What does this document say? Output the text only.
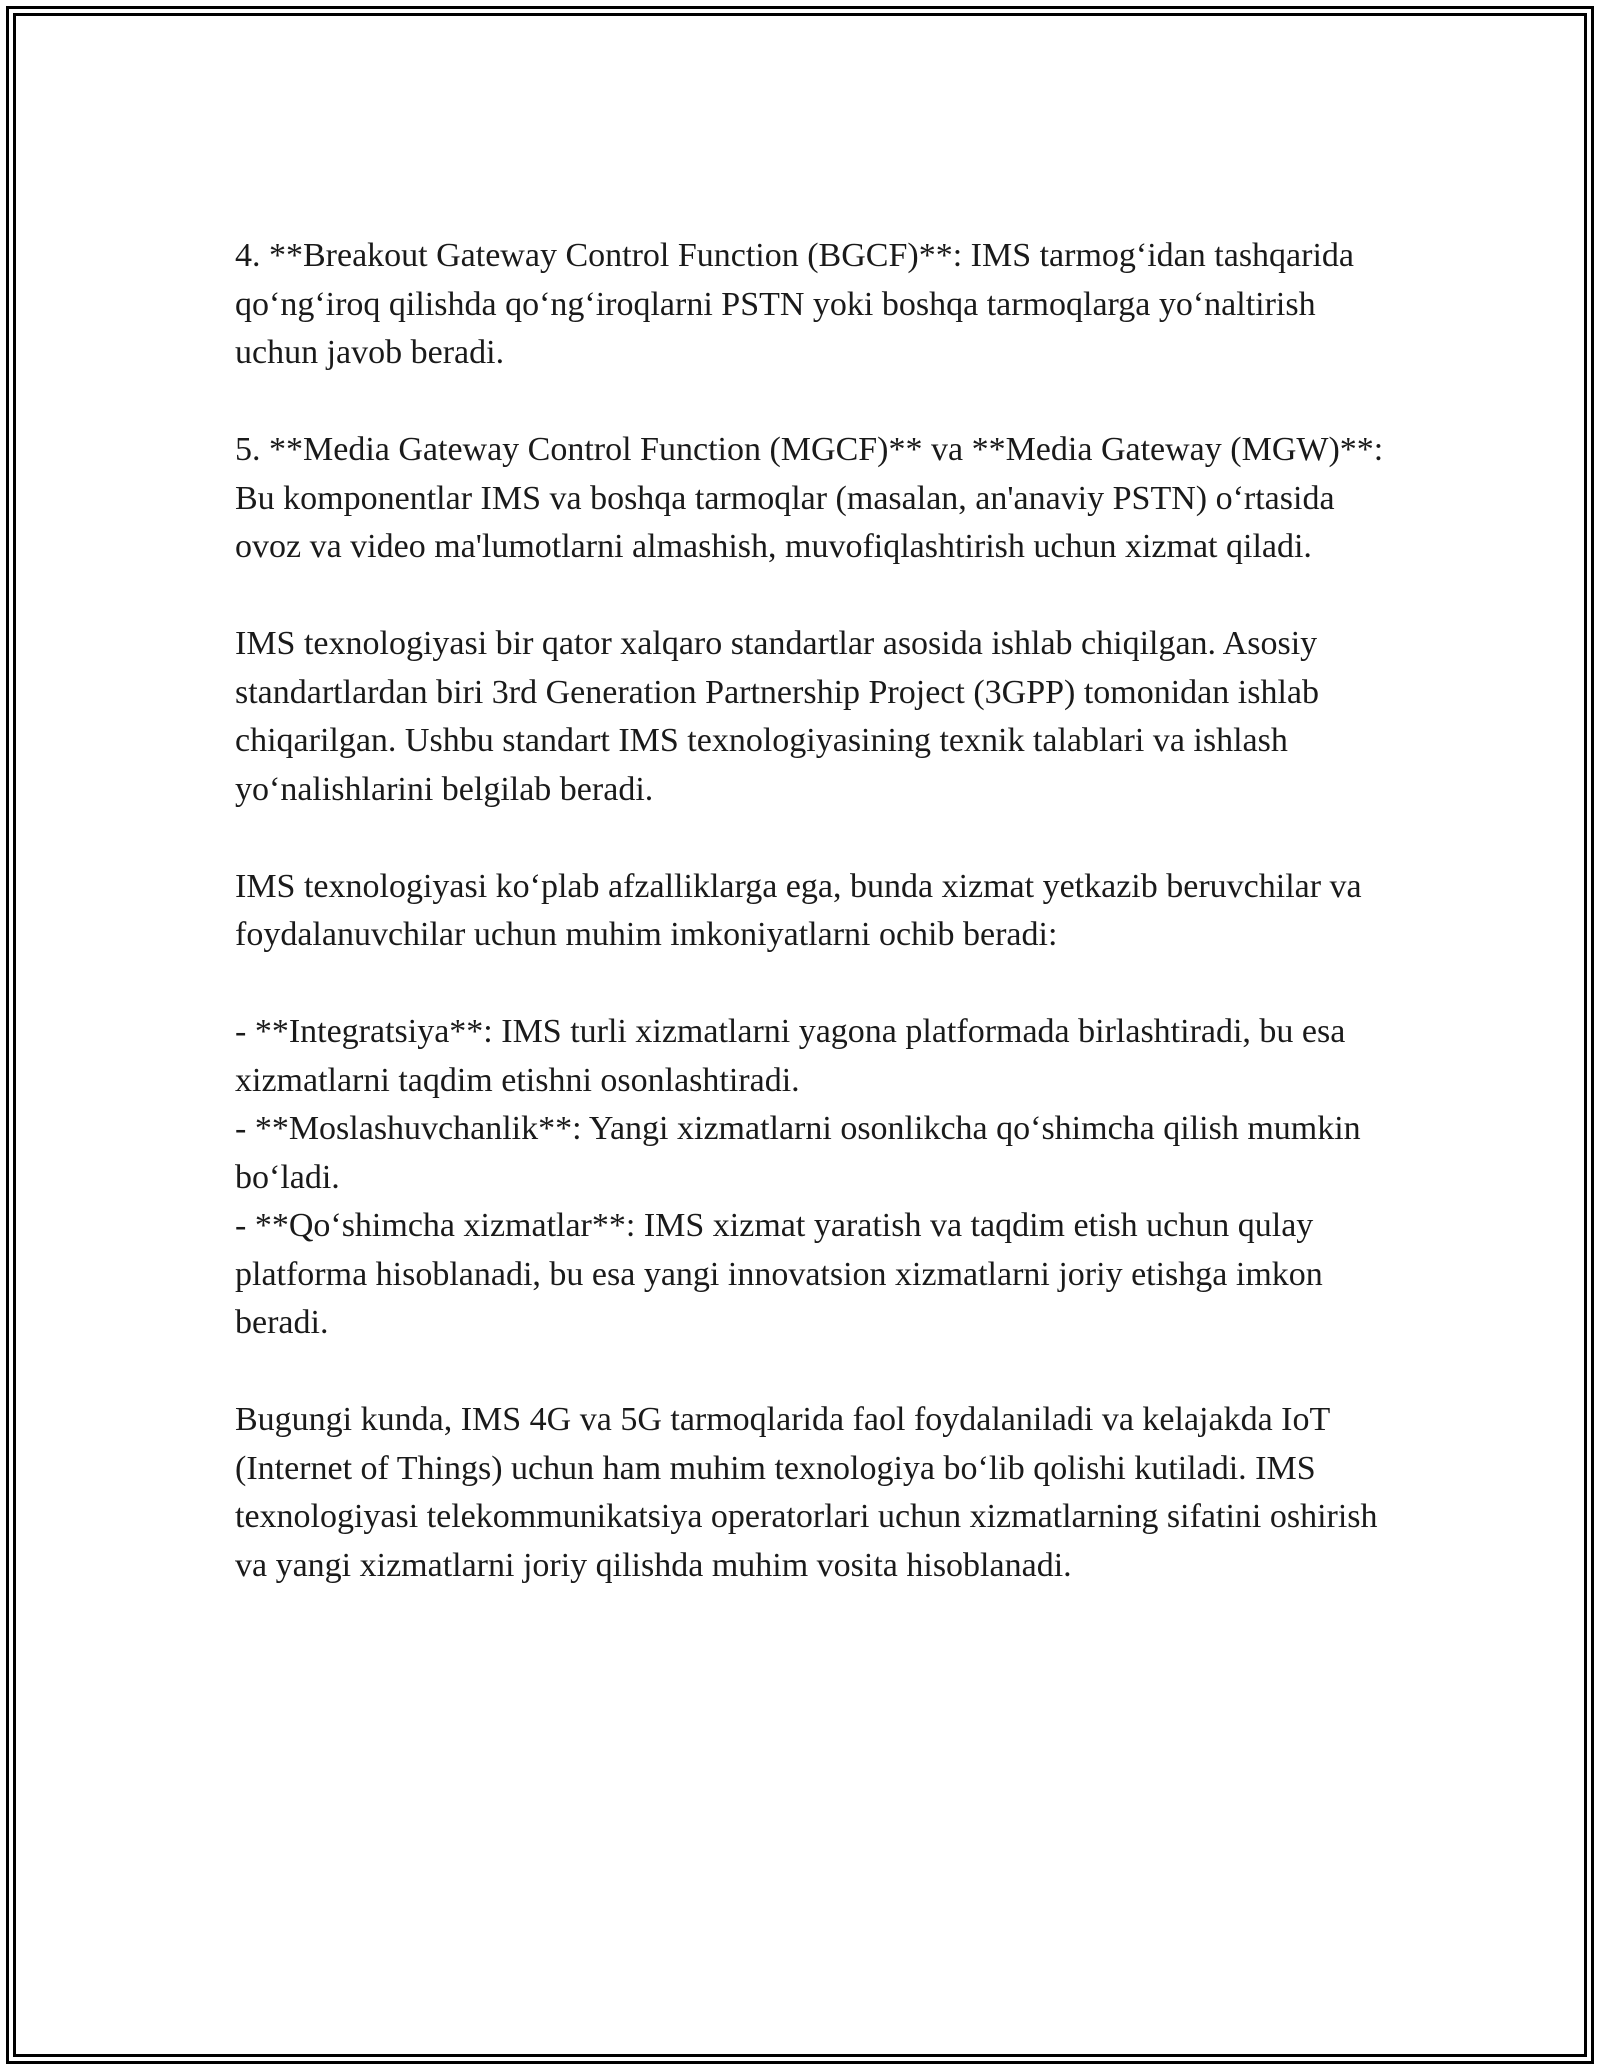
4. **Breakout Gateway Control Function (BGCF)**: IMS tarmog‘idan tashqarida qo‘ng‘iroq qilishda qo‘ng‘iroqlarni PSTN yoki boshqa tarmoqlarga yo‘naltirish uchun javob beradi.

5. **Media Gateway Control Function (MGCF)** va **Media Gateway (MGW)**: Bu komponentlar IMS va boshqa tarmoqlar (masalan, an'anaviy PSTN) o‘rtasida ovoz va video ma'lumotlarni almashish, muvofiqlashtirish uchun xizmat qiladi.

IMS texnologiyasi bir qator xalqaro standartlar asosida ishlab chiqilgan. Asosiy standartlardan biri 3rd Generation Partnership Project (3GPP) tomonidan ishlab chiqarilgan. Ushbu standart IMS texnologiyasining texnik talablari va ishlash yo‘nalishlarini belgilab beradi.

IMS texnologiyasi ko‘plab afzalliklarga ega, bunda xizmat yetkazib beruvchilar va foydalanuvchilar uchun muhim imkoniyatlarni ochib beradi:

- **Integratsiya**: IMS turli xizmatlarni yagona platformada birlashtiradi, bu esa xizmatlarni taqdim etishni osonlashtiradi.

- **Moslashuvchanlik**: Yangi xizmatlarni osonlikcha qo‘shimcha qilish mumkin bo‘ladi.

- **Qo‘shimcha xizmatlar**: IMS xizmat yaratish va taqdim etish uchun qulay platforma hisoblanadi, bu esa yangi innovatsion xizmatlarni joriy etishga imkon beradi.

Bugungi kunda, IMS 4G va 5G tarmoqlarida faol foydalaniladi va kelajakda IoT (Internet of Things) uchun ham muhim texnologiya bo‘lib qolishi kutiladi. IMS texnologiyasi telekommunikatsiya operatorlari uchun xizmatlarning sifatini oshirish va yangi xizmatlarni joriy qilishda muhim vosita hisoblanadi.
